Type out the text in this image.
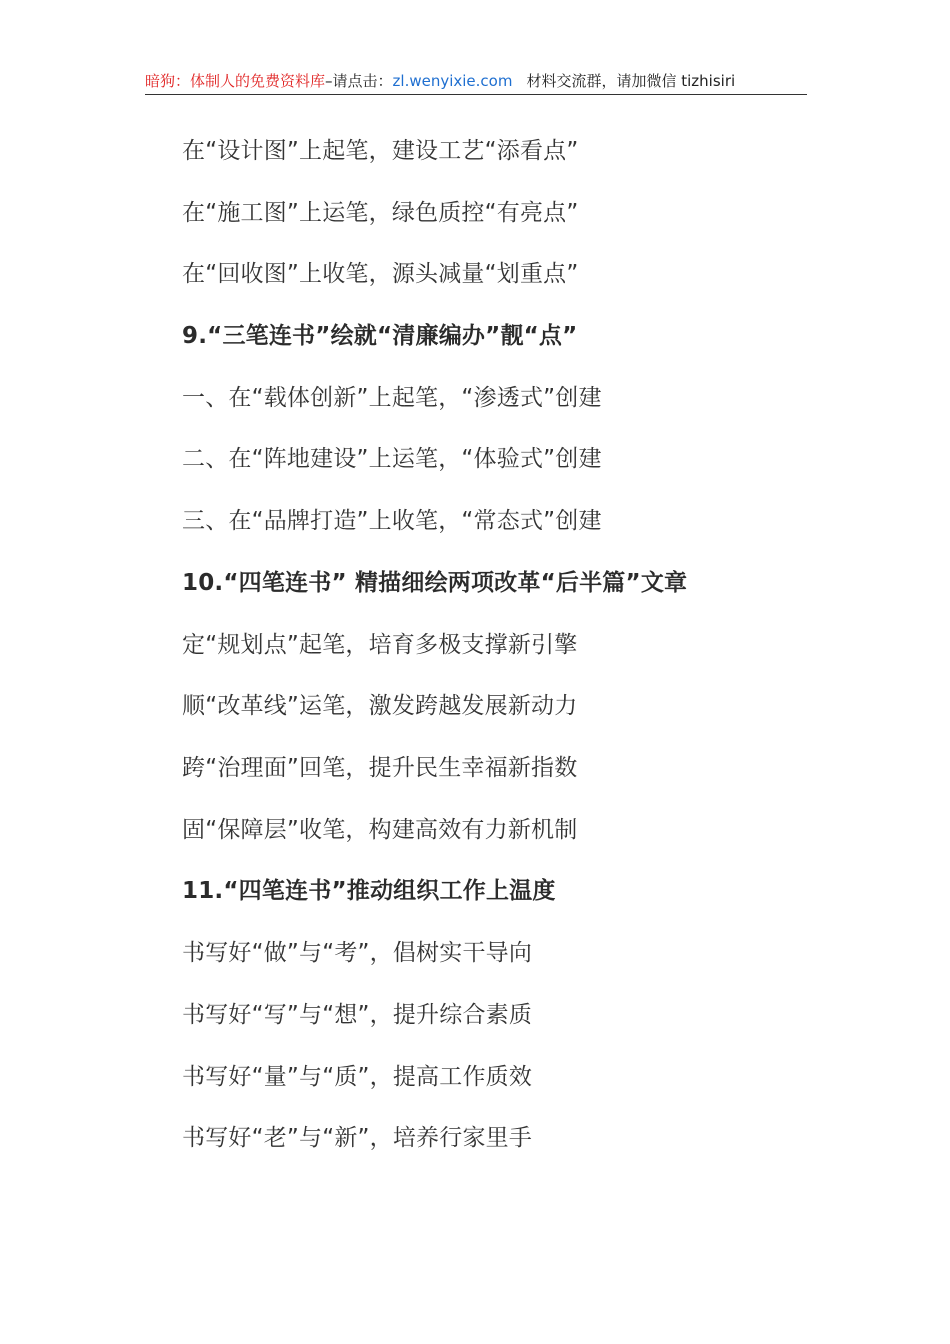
暗狗：体制人的免费资料库–请点击：zl.wenyixie.com 材料交流群，请加微信 tizhisiri
在“设计图”上起笔，建设工艺“添看点”
在“施工图”上运笔，绿色质控“有亮点”
在“回收图”上收笔，源头减量“划重点”
9.“三笔连书”绘就“清廉编办”靓“点”
一、在“载体创新”上起笔，“渗透式”创建
二、在“阵地建设”上运笔，“体验式”创建
三、在“品牌打造”上收笔，“常态式”创建
10.“四笔连书” 精描细绘两项改革“后半篇”文章
定“规划点”起笔，培育多极支撑新引擎
顺“改革线”运笔，激发跨越发展新动力
跨“治理面”回笔，提升民生幸福新指数
固“保障层”收笔，构建高效有力新机制
11.“四笔连书”推动组织工作上温度
书写好“做”与“考”，倡树实干导向
书写好“写”与“想”，提升综合素质
书写好“量”与“质”，提高工作质效
书写好“老”与“新”，培养行家里手
